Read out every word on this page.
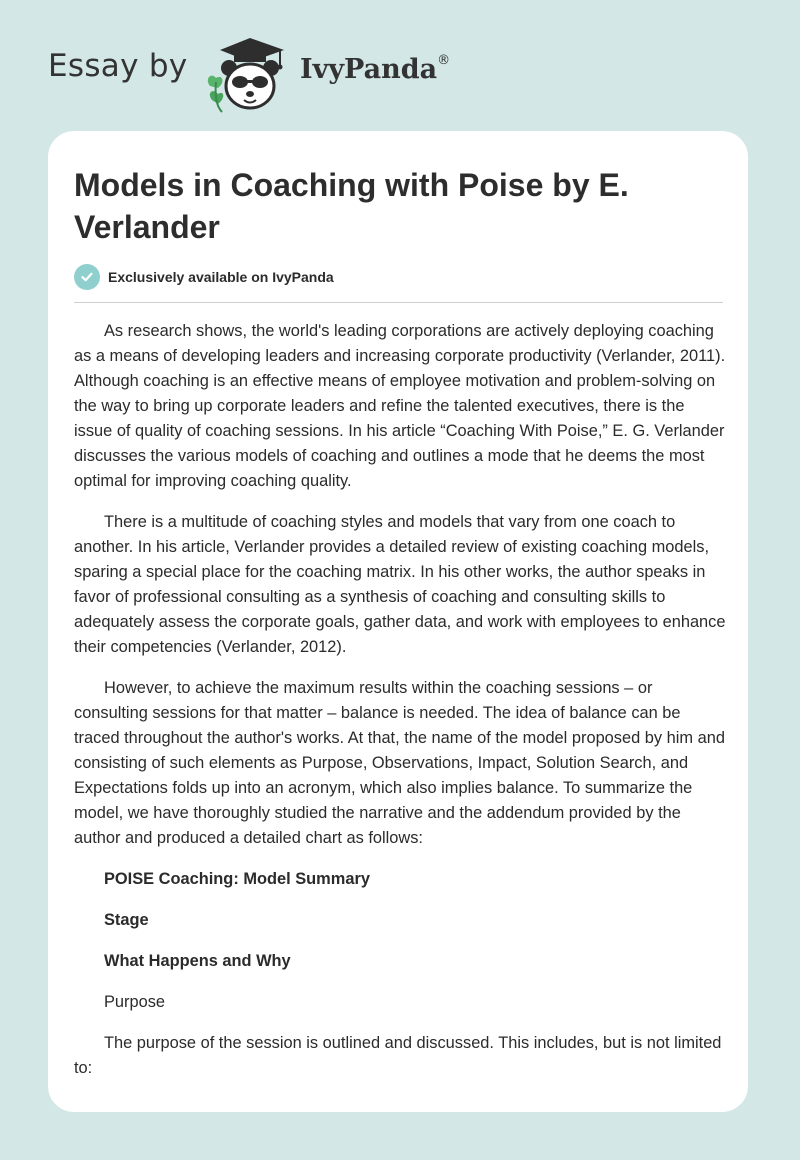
Essay by	IvyPanda®
Models in Coaching with Poise by E. Verlander
Exclusively available on IvyPanda

As research shows, the world's leading corporations are actively deploying coaching as a means of developing leaders and increasing corporate productivity (Verlander, 2011). Although coaching is an effective means of employee motivation and problem-solving on the way to bring up corporate leaders and refine the talented executives, there is the issue of quality of coaching sessions. In his article “Coaching With Poise,” E. G. Verlander discusses the various models of coaching and outlines a mode that he deems the most optimal for improving coaching quality.

There is a multitude of coaching styles and models that vary from one coach to another. In his article, Verlander provides a detailed review of existing coaching models, sparing a special place for the coaching matrix. In his other works, the author speaks in favor of professional consulting as a synthesis of coaching and consulting skills to adequately assess the corporate goals, gather data, and work with employees to enhance their competencies (Verlander, 2012).

However, to achieve the maximum results within the coaching sessions – or consulting sessions for that matter – balance is needed. The idea of balance can be traced throughout the author's works. At that, the name of the model proposed by him and consisting of such elements as Purpose, Observations, Impact, Solution Search, and Expectations folds up into an acronym, which also implies balance. To summarize the model, we have thoroughly studied the narrative and the addendum provided by the author and produced a detailed chart as follows:

POISE Coaching: Model Summary

Stage

What Happens and Why

Purpose

The purpose of the session is outlined and discussed. This includes, but is not limited to:
